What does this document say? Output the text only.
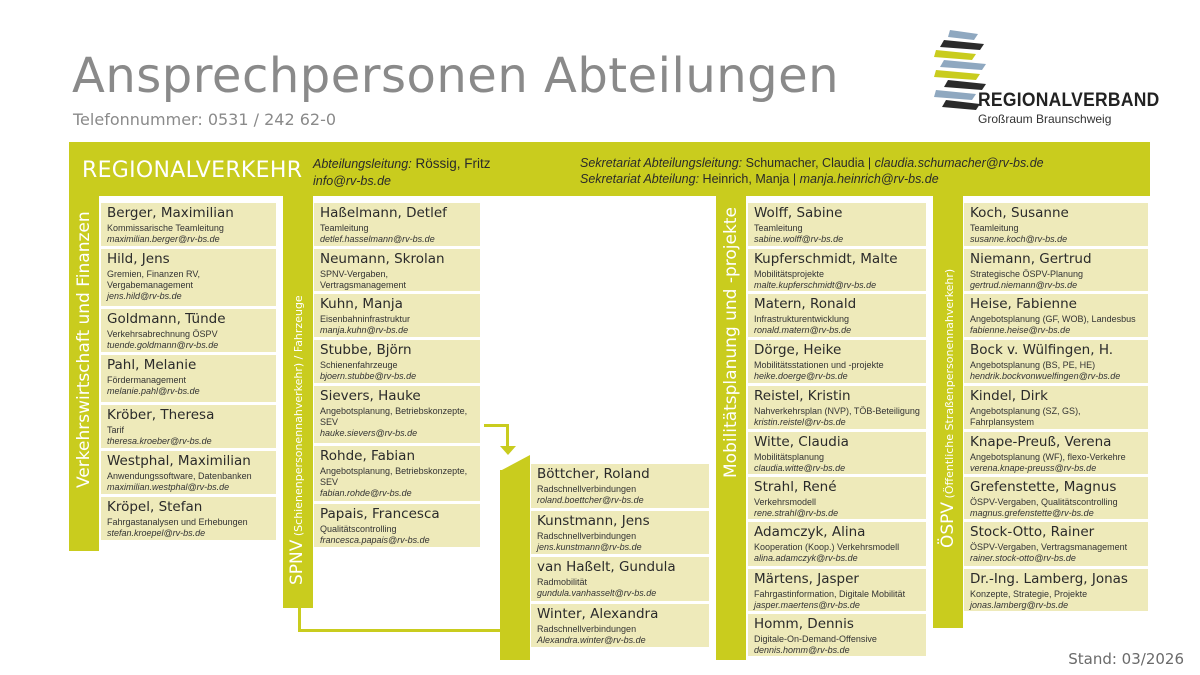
Ansprechpersonen Abteilungen
Telefonnummer: 0531 / 242 62-0
REGIONALVERBAND
Großraum Braunschweig
REGIONALVERKEHR Abteilungsleitung: Rössig, Fritz
info@rv-bs.de
Sekretariat Abteilungsleitung: Schumacher, Claudia | claudia.schumacher@rv-bs.de
Sekretariat Abteilung: Heinrich, Manja | manja.heinrich@rv-bs.de
Verkehrswirtschaft und Finanzen
SPNV (Schienenpersonennahverkehr) / Fahrzeuge	Mobilitätsplanung und -projekte
ÖSPV (Öffentliche Straßenpersonennahverkehr)
Berger, Maximilian
Kommissarische Teamleitung
maximilian.berger@rv-bs.de
Hild, Jens
Gremien, Finanzen RV, Vergabemanagement
jens.hild@rv-bs.de
Goldmann, Tünde
Verkehrsabrechnung ÖSPV
tuende.goldmann@rv-bs.de
Pahl, Melanie
Fördermanagement
melanie.pahl@rv-bs.de
Kröber, Theresa
Tarif
theresa.kroeber@rv-bs.de
Westphal, Maximilian
Anwendungssoftware, Datenbanken
maximilian.westphal@rv-bs.de
Kröpel, Stefan
Fahrgastanalysen und Erhebungen
stefan.kroepel@rv-bs.de
Haßelmann, Detlef
Teamleitung
detlef.hasselmann@rv-bs.de
Neumann, Skrolan
SPNV-Vergaben, Vertragsmanagement
Kuhn, Manja
Eisenbahninfrastruktur
manja.kuhn@rv-bs.de
Stubbe, Björn
Schienenfahrzeuge
bjoern.stubbe@rv-bs.de
Sievers, Hauke
Angebotsplanung, Betriebskonzepte, SEV
hauke.sievers@rv-bs.de
Rohde, Fabian
Angebotsplanung, Betriebskonzepte, SEV
fabian.rohde@rv-bs.de
Papais, Francesca
Qualitätscontrolling
francesca.papais@rv-bs.de
Böttcher, Roland
Radschnellverbindungen
roland.boettcher@rv-bs.de
Kunstmann, Jens
Radschnellverbindungen
jens.kunstmann@rv-bs.de
van Haßelt, Gundula
Radmobilität
gundula.vanhasselt@rv-bs.de
Winter, Alexandra
Radschnellverbindungen
Alexandra.winter@rv-bs.de
Wolff, Sabine
Teamleitung
sabine.wolff@rv-bs.de
Kupferschmidt, Malte
Mobilitätsprojekte
malte.kupferschmidt@rv-bs.de
Matern, Ronald
Infrastrukturentwicklung
ronald.matern@rv-bs.de
Dörge, Heike
Mobilitätsstationen und -projekte
heike.doerge@rv-bs.de
Reistel, Kristin
Nahverkehrsplan (NVP), TÖB-Beteiligung
kristin.reistel@rv-bs.de
Witte, Claudia
Mobilitätsplanung
claudia.witte@rv-bs.de
Strahl, René
Verkehrsmodell
rene.strahl@rv-bs.de
Adamczyk, Alina
Kooperation (Koop.) Verkehrsmodell
alina.adamczyk@rv-bs.de
Märtens, Jasper
Fahrgastinformation, Digitale Mobilität
jasper.maertens@rv-bs.de
Homm, Dennis
Digitale-On-Demand-Offensive
dennis.homm@rv-bs.de
Koch, Susanne
Teamleitung
susanne.koch@rv-bs.de
Niemann, Gertrud
Strategische ÖSPV-Planung
gertrud.niemann@rv-bs.de
Heise, Fabienne
Angebotsplanung (GF, WOB), Landesbus
fabienne.heise@rv-bs.de
Bock v. Wülfingen, H.
Angebotsplanung (BS, PE, HE)
hendrik.bockvonwuelfingen@rv-bs.de
Kindel, Dirk
Angebotsplanung (SZ, GS), Fahrplansystem
Knape-Preuß, Verena
Angebotsplanung (WF), flexo-Verkehre
verena.knape-preuss@rv-bs.de
Grefenstette, Magnus
ÖSPV-Vergaben, Qualitätscontrolling
magnus.grefenstette@rv-bs.de
Stock-Otto, Rainer
ÖSPV-Vergaben, Vertragsmanagement
rainer.stock-otto@rv-bs.de
Dr.-Ing. Lamberg, Jonas
Konzepte, Strategie, Projekte
jonas.lamberg@rv-bs.de
Stand: 03/2026
